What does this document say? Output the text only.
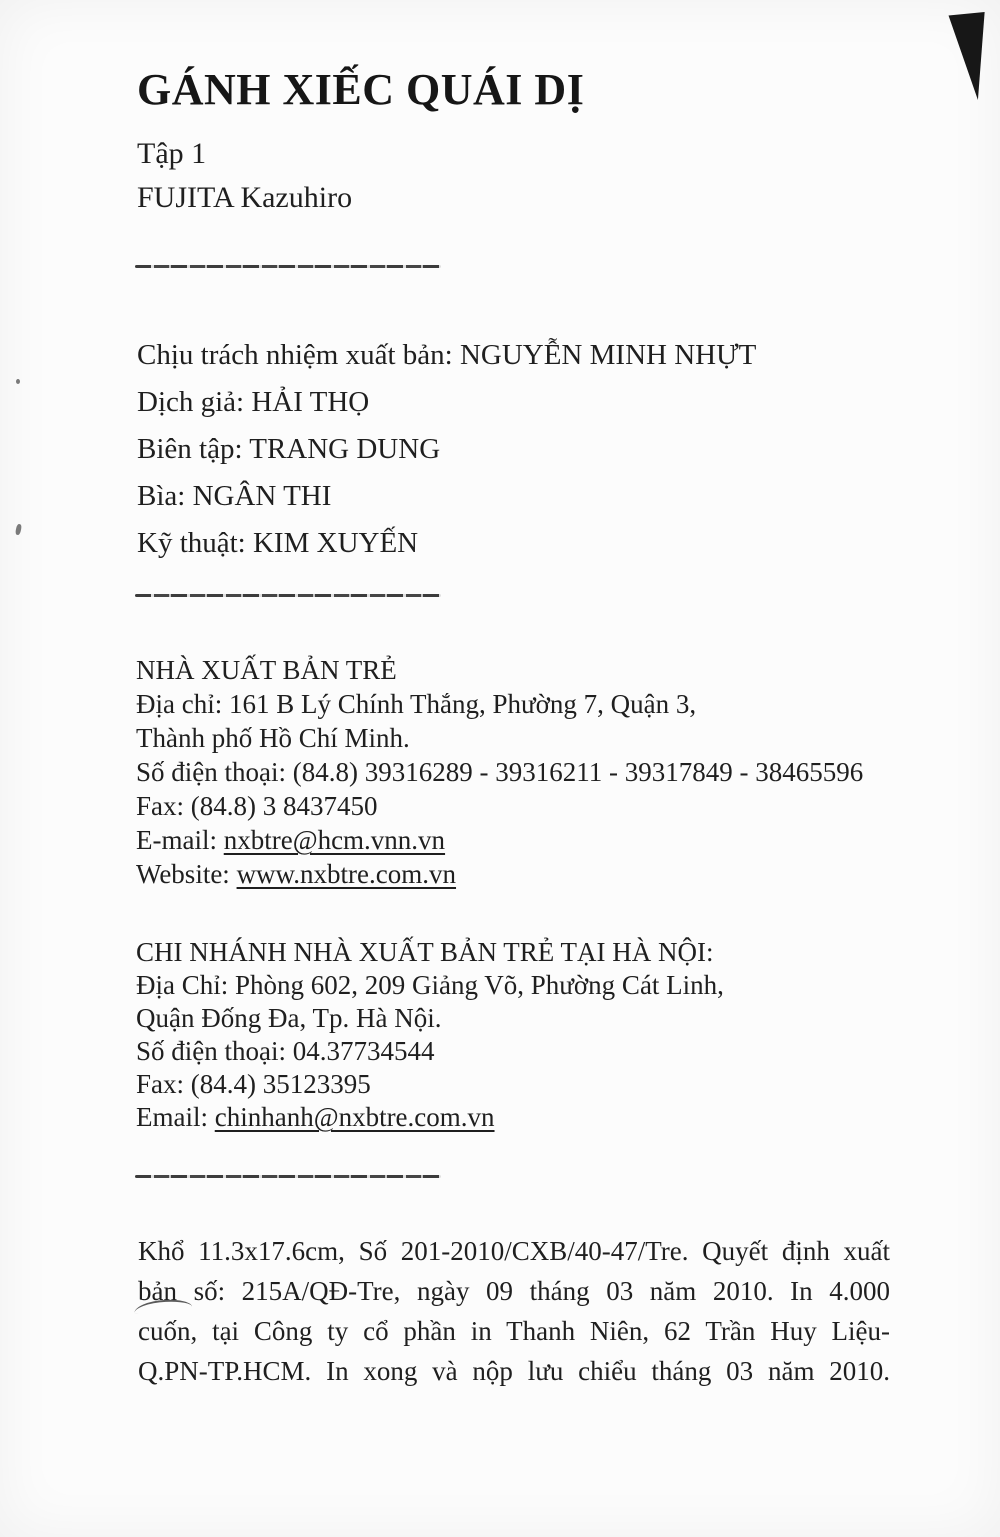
GÁNH XIẾC QUÁI DỊ
Tập 1
FUJITA Kazuhiro
Chịu trách nhiệm xuất bản: NGUYỄN MINH NHỰT
Dịch giả: HẢI THỌ
Biên tập: TRANG DUNG
Bìa: NGÂN THI
Kỹ thuật: KIM XUYẾN
NHÀ XUẤT BẢN TRẺ
Địa chỉ: 161 B Lý Chính Thắng, Phường 7, Quận 3,
Thành phố Hồ Chí Minh.
Số điện thoại: (84.8) 39316289 - 39316211 - 39317849 - 38465596
Fax: (84.8) 3 8437450
E-mail: nxbtre@hcm.vnn.vn
Website: www.nxbtre.com.vn
CHI NHÁNH NHÀ XUẤT BẢN TRẺ TẠI HÀ NỘI:
Địa Chỉ: Phòng 602, 209 Giảng Võ, Phường Cát Linh,
Quận Đống Đa, Tp. Hà Nội.
Số điện thoại: 04.37734544
Fax: (84.4) 35123395
Email: chinhanh@nxbtre.com.vn
Khổ 11.3x17.6cm, Số 201-2010/CXB/40-47/Tre. Quyết định xuất
bản số: 215A/QĐ-Tre, ngày 09 tháng 03 năm 2010. In 4.000
cuốn, tại Công ty cổ phần in Thanh Niên, 62 Trần Huy Liệu-
Q.PN-TP.HCM. In xong và nộp lưu chiểu tháng 03 năm 2010.
